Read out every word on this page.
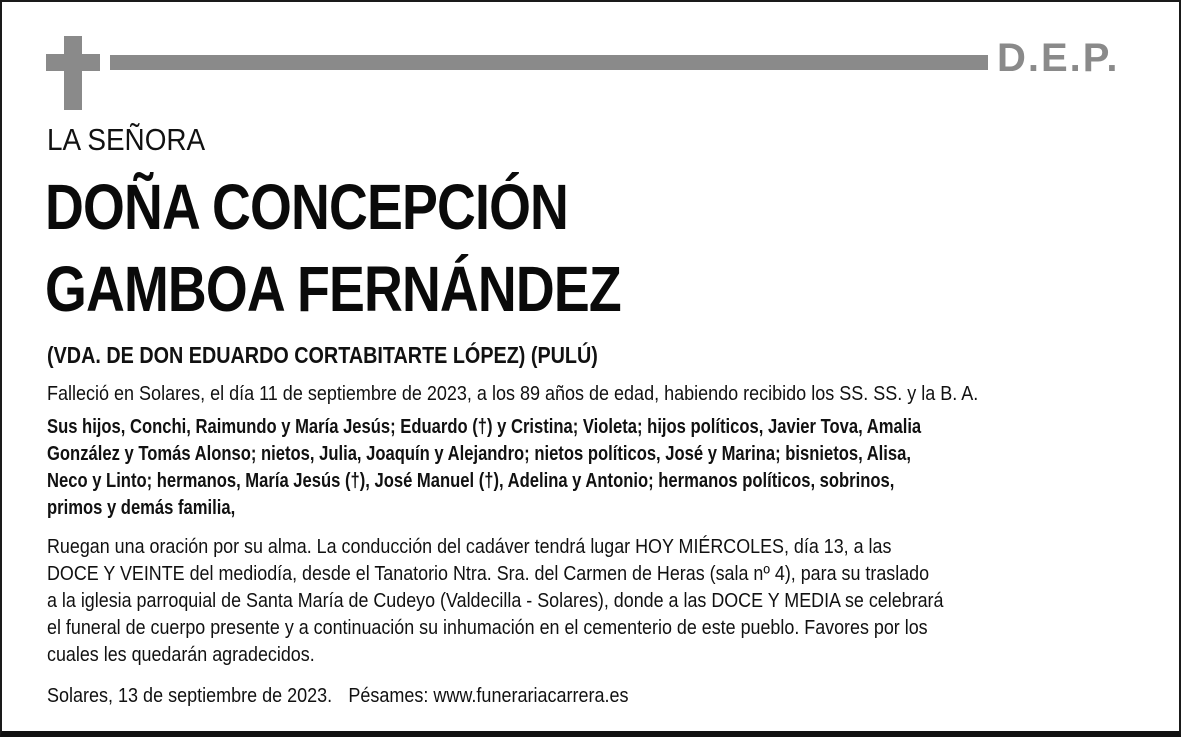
D.E.P.
LA SEÑORA
DOÑA CONCEPCIÓN
GAMBOA FERNÁNDEZ
(VDA. DE DON EDUARDO CORTABITARTE LÓPEZ) (PULÚ)
Falleció en Solares, el día 11 de septiembre de 2023, a los 89 años de edad, habiendo recibido los SS. SS. y la B. A.
Sus hijos, Conchi, Raimundo y María Jesús; Eduardo (†) y Cristina; Violeta; hijos políticos, Javier Tova, Amalia
González y Tomás Alonso; nietos, Julia, Joaquín y Alejandro; nietos políticos, José y Marina; bisnietos, Alisa,
Neco y Linto; hermanos, María Jesús (†), José Manuel (†), Adelina y Antonio; hermanos políticos, sobrinos,
primos y demás familia,
Ruegan una oración por su alma. La conducción del cadáver tendrá lugar HOY MIÉRCOLES, día 13, a las
DOCE Y VEINTE del mediodía, desde el Tanatorio Ntra. Sra. del Carmen de Heras (sala nº 4), para su traslado
a la iglesia parroquial de Santa María de Cudeyo (Valdecilla - Solares), donde a las DOCE Y MEDIA se celebrará
el funeral de cuerpo presente y a continuación su inhumación en el cementerio de este pueblo. Favores por los
cuales les quedarán agradecidos.
Solares, 13 de septiembre de 2023. Pésames: www.funerariacarrera.es
